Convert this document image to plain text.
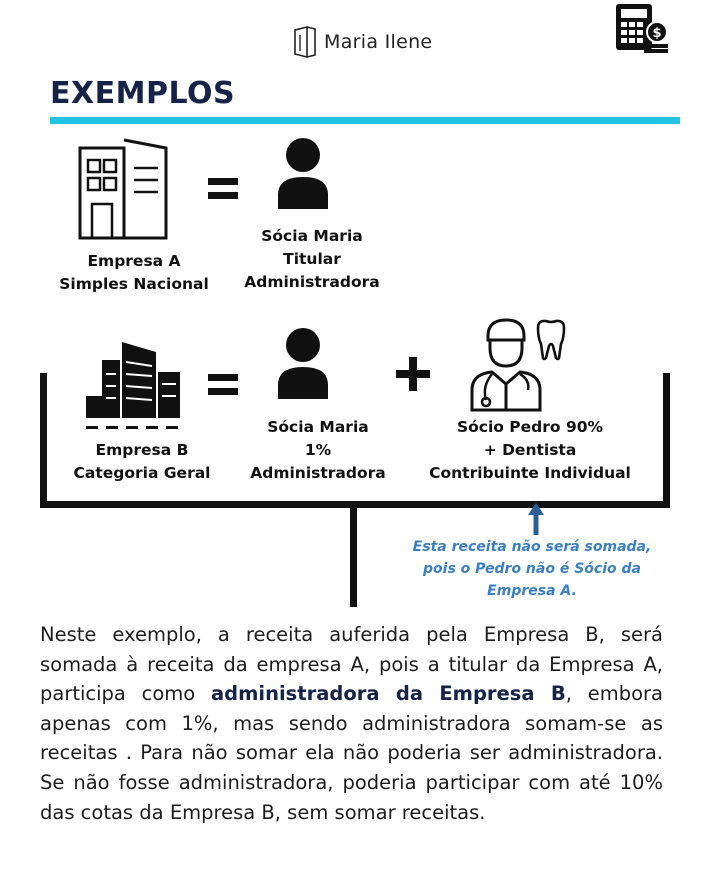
Maria Ilene	$
EXEMPLOS
Empresa A
Simples Nacional
Sócia Maria
Titular
Administradora
Empresa B
Categoria Geral
Sócia Maria
1%
Administradora
Sócio Pedro 90%
+ Dentista
Contribuinte Individual
Esta receita não será somada,
pois o Pedro não é Sócio da
Empresa A.

Neste exemplo, a receita auferida pela Empresa B, será somada à receita da empresa A, pois a titular da Empresa A, participa como administradora da Empresa B, embora apenas com 1%, mas sendo administradora somam-se as receitas . Para não somar ela não poderia ser administradora. Se não fosse administradora, poderia participar com até 10% das cotas da Empresa B, sem somar receitas.
